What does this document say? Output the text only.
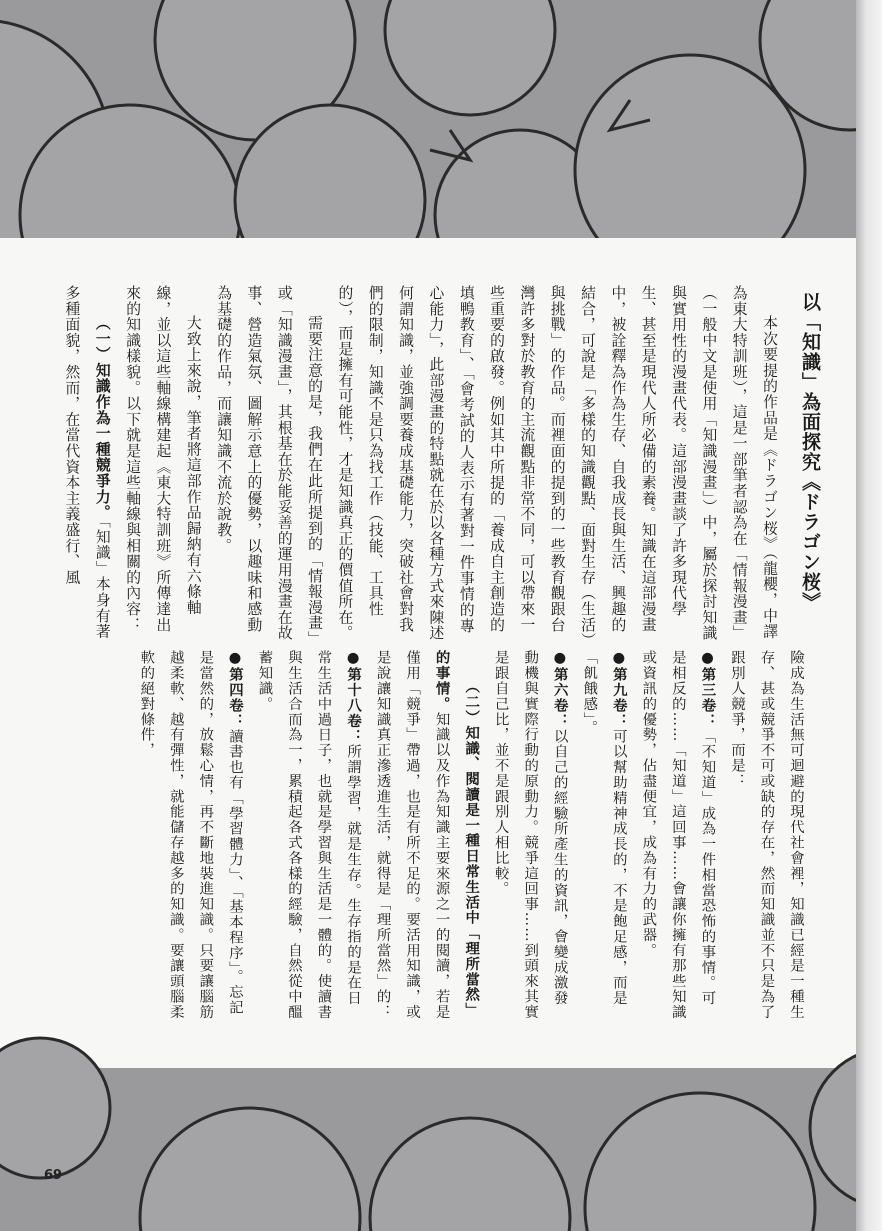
以「知識」為面探究《ドラゴン桜》

本次要提的作品是《ドラゴン桜》（龍櫻，中譯為東大特訓班），這是一部筆者認為在「情報漫畫」（一般中文是使用「知識漫畫」）中，屬於探討知識與實用性的漫畫代表。這部漫畫談了許多現代學生、甚至是現代人所必備的素養。知識在這部漫畫中，被詮釋為作為生存、自我成長與生活、興趣的結合，可說是「多樣的知識觀點、面對生存（生活）與挑戰」的作品。而裡面的提到的一些教育觀跟台灣許多對於教育的主流觀點非常不同，可以帶來一些重要的啟發。例如其中所提的「養成自主創造的填鴨教育」、「會考試的人表示有著對一件事情的專心能力」，此部漫畫的特點就在於以各種方式來陳述何謂知識，並強調要養成基礎能力，突破社會對我們的限制，知識不是只為找工作（技能、工具性的），而是擁有可能性，才是知識真正的價值所在。

需要注意的是，我們在此所提到的「情報漫畫」或「知識漫畫」，其根基在於能妥善的運用漫畫在故事、營造氣氛、圖解示意上的優勢，以趣味和感動為基礎的作品，而讓知識不流於說教。

大致上來說，筆者將這部作品歸納有六條軸線，並以這些軸線構建起《東大特訓班》所傳達出來的知識樣貌。以下就是這些軸線與相關的內容：

（一）知識作為一種競爭力。「知識」本身有著多種面貌，然而，在當代資本主義盛行、風

險成為生活無可迴避的現代社會裡，知識已經是一種生存、甚或競爭不可或缺的存在，然而知識並不只是為了跟別人競爭，而是：

● 第三卷：「不知道」成為一件相當恐怖的事情。可是相反的……「知道」這回事……會讓你擁有那些知識或資訊的優勢，佔盡便宜，成為有力的武器。

● 第九卷：可以幫助精神成長的，不是飽足感，而是「飢餓感」。

● 第六卷：以自己的經驗所產生的資訊，會變成激發動機與實際行動的原動力。競爭這回事……到頭來其實是跟自己比，並不是跟別人相比較。

（二）知識、閱讀是一種日常生活中「理所當然」的事情。知識以及作為知識主要來源之一的閱讀，若是僅用「競爭」帶過，也是有所不足的。要活用知識，或是說讓知識真正滲透進生活，就得是「理所當然」的：

● 第十八卷：所謂學習，就是生存。生存指的是在日常生活中過日子，也就是學習與生活是一體的。使讀書與生活合而為一，累積起各式各樣的經驗，自然從中醞蓄知識。

● 第四卷：讀書也有「學習體力」、「基本程序」。忘記是當然的，放鬆心情，再不斷地裝進知識。只要讓腦筋越柔軟、越有彈性，就能儲存越多的知識。要讓頭腦柔軟的絕對條件，

69
